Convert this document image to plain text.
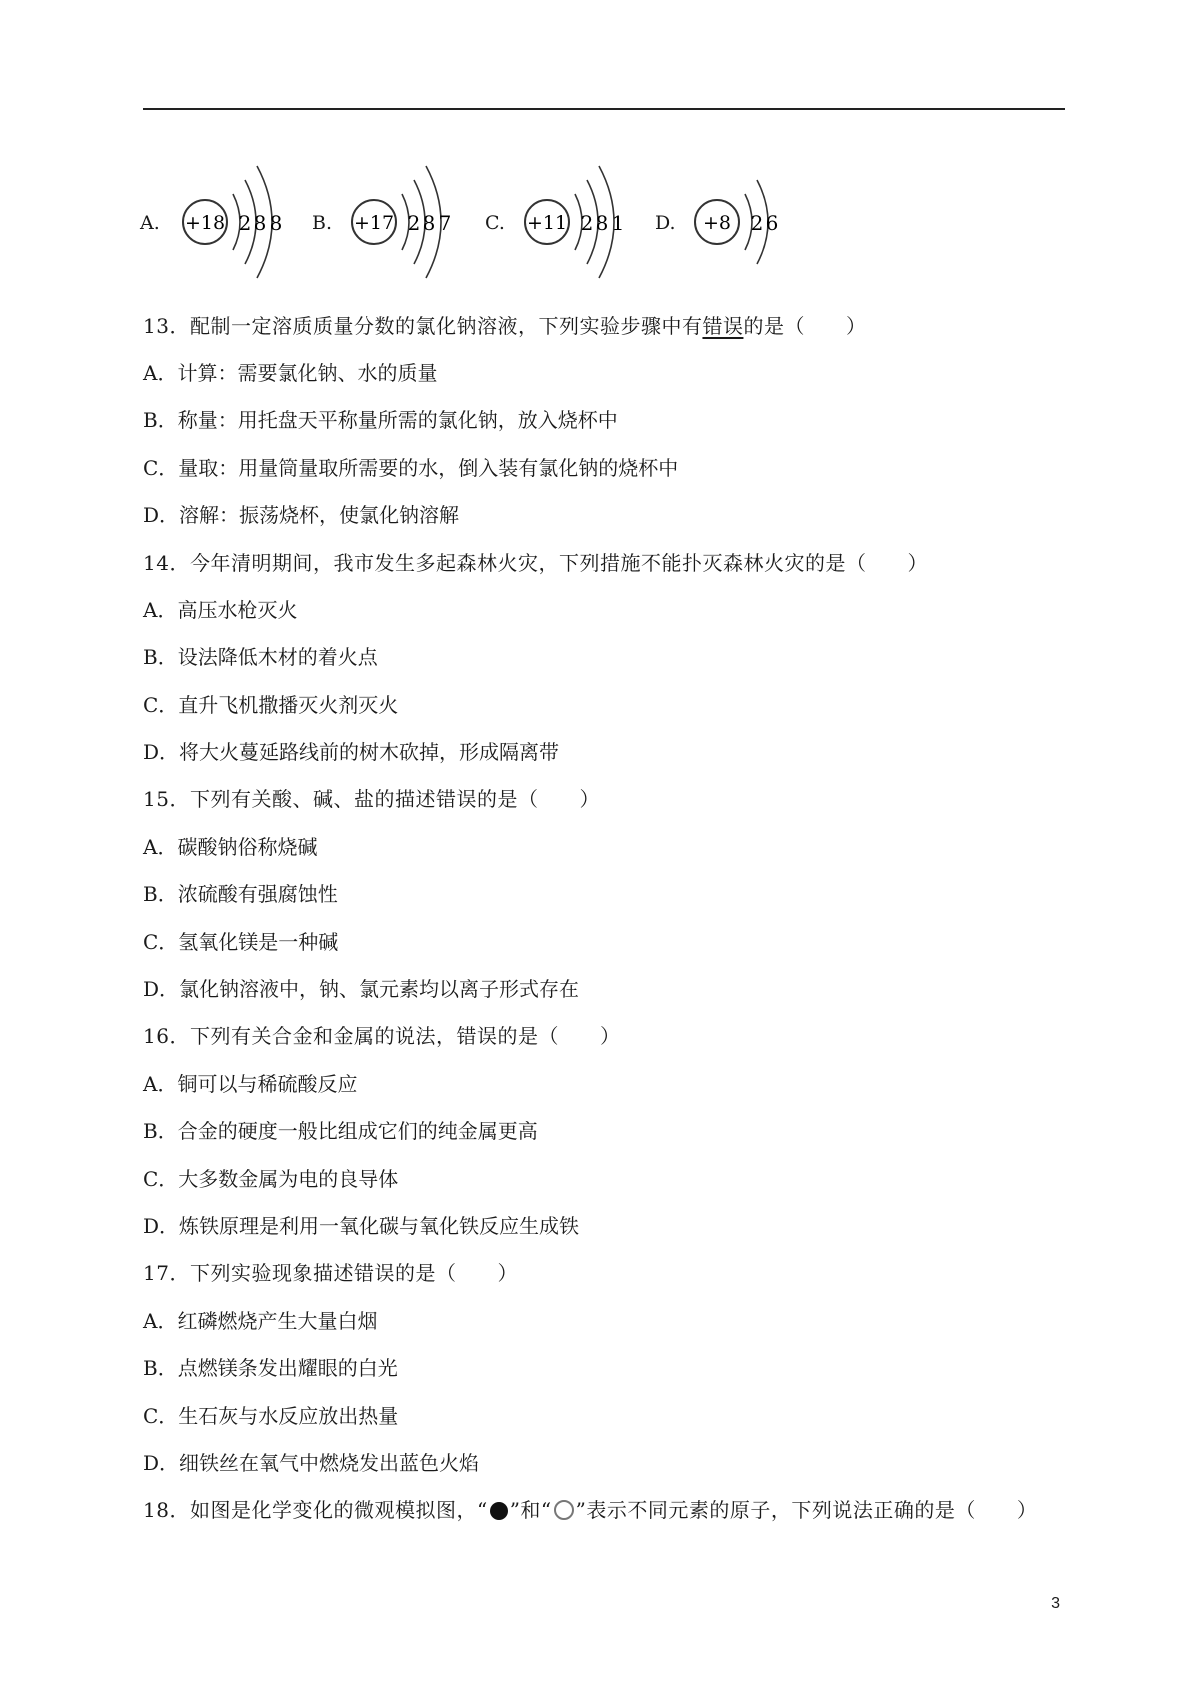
A. +18 2 8 8 B. +17 2 8 7 C. +11 2 8 1 D. +8 2 6
13．配制一定溶质质量分数的氯化钠溶液，下列实验步骤中有错误的是（　　）
A．计算：需要氯化钠、水的质量
B．称量：用托盘天平称量所需的氯化钠，放入烧杯中
C．量取：用量筒量取所需要的水，倒入装有氯化钠的烧杯中
D．溶解：振荡烧杯，使氯化钠溶解
14．今年清明期间，我市发生多起森林火灾，下列措施不能扑灭森林火灾的是（　　）
A．高压水枪灭火
B．设法降低木材的着火点
C．直升飞机撒播灭火剂灭火
D．将大火蔓延路线前的树木砍掉，形成隔离带
15．下列有关酸、碱、盐的描述错误的是（　　）
A．碳酸钠俗称烧碱
B．浓硫酸有强腐蚀性
C．氢氧化镁是一种碱
D．氯化钠溶液中，钠、氯元素均以离子形式存在
16．下列有关合金和金属的说法，错误的是（　　）
A．铜可以与稀硫酸反应
B．合金的硬度一般比组成它们的纯金属更高
C．大多数金属为电的良导体
D．炼铁原理是利用一氧化碳与氧化铁反应生成铁
17．下列实验现象描述错误的是（　　）
A．红磷燃烧产生大量白烟
B．点燃镁条发出耀眼的白光
C．生石灰与水反应放出热量
D．细铁丝在氧气中燃烧发出蓝色火焰
18．如图是化学变化的微观模拟图，“ ”和“ ”表示不同元素的原子，下列说法正确的是（　　）
3
